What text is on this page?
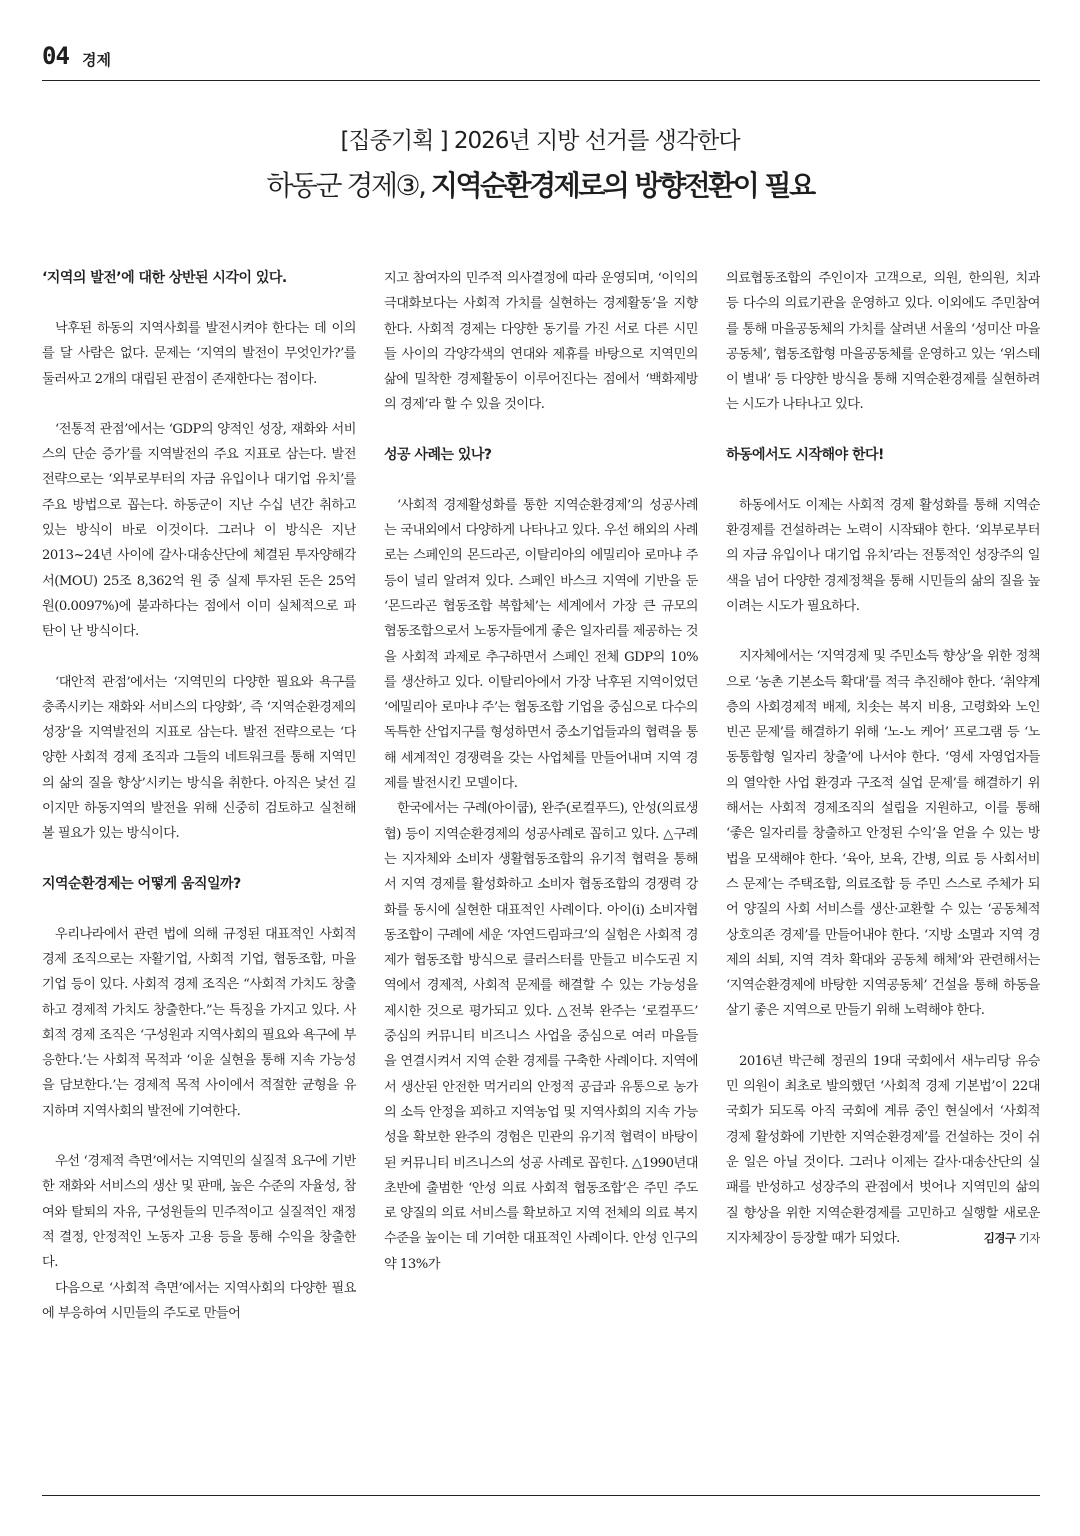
04 경제
[집중기획 ] 2026년 지방 선거를 생각한다
하동군 경제③, 지역순환경제로의 방향전환이 필요
‘지역의 발전’에 대한 상반된 시각이 있다.

낙후된 하동의 지역사회를 발전시켜야 한다는 데 이의를 달 사람은 없다. 문제는 ‘지역의 발전이 무엇인가?’를 둘러싸고 2개의 대립된 관점이 존재한다는 점이다.

‘전통적 관점’에서는 ‘GDP의 양적인 성장, 재화와 서비스의 단순 증가’를 지역발전의 주요 지표로 삼는다. 발전 전략으로는 ‘외부로부터의 자금 유입이나 대기업 유치’를 주요 방법으로 꼽는다. 하동군이 지난 수십 년간 취하고 있는 방식이 바로 이것이다. 그러나 이 방식은 지난 2013~24년 사이에 갈사·대송산단에 체결된 투자양해각서(MOU) 25조 8,362억 원 중 실제 투자된 돈은 25억 원(0.0097%)에 불과하다는 점에서 이미 실체적으로 파탄이 난 방식이다.

‘대안적 관점’에서는 ‘지역민의 다양한 필요와 욕구를 충족시키는 재화와 서비스의 다양화’, 즉 ‘지역순환경제의 성장’을 지역발전의 지표로 삼는다. 발전 전략으로는 ‘다양한 사회적 경제 조직과 그들의 네트워크를 통해 지역민의 삶의 질을 향상’시키는 방식을 취한다. 아직은 낯선 길이지만 하동지역의 발전을 위해 신중히 검토하고 실천해 볼 필요가 있는 방식이다.

지역순환경제는 어떻게 움직일까?

우리나라에서 관련 법에 의해 규정된 대표적인 사회적 경제 조직으로는 자활기업, 사회적 기업, 협동조합, 마을기업 등이 있다. 사회적 경제 조직은 “사회적 가치도 창출하고 경제적 가치도 창출한다.”는 특징을 가지고 있다. 사회적 경제 조직은 ‘구성원과 지역사회의 필요와 욕구에 부응한다.’는 사회적 목적과 ‘이윤 실현을 통해 지속 가능성을 담보한다.’는 경제적 목적 사이에서 적절한 균형을 유지하며 지역사회의 발전에 기여한다.

우선 ‘경제적 측면’에서는 지역민의 실질적 요구에 기반한 재화와 서비스의 생산 및 판매, 높은 수준의 자율성, 참여와 탈퇴의 자유, 구성원들의 민주적이고 실질적인 재정적 결정, 안정적인 노동자 고용 등을 통해 수익을 창출한다.

다음으로 ‘사회적 측면’에서는 지역사회의 다양한 필요에 부응하여 시민들의 주도로 만들어

지고 참여자의 민주적 의사결정에 따라 운영되며, ‘이익의 극대화보다는 사회적 가치를 실현하는 경제활동’을 지향한다. 사회적 경제는 다양한 동기를 가진 서로 다른 시민들 사이의 각양각색의 연대와 제휴를 바탕으로 지역민의 삶에 밀착한 경제활동이 이루어진다는 점에서 ‘백화제방의 경제’라 할 수 있을 것이다.

성공 사례는 있나?

‘사회적 경제활성화를 통한 지역순환경제’의 성공사례는 국내외에서 다양하게 나타나고 있다. 우선 해외의 사례로는 스페인의 몬드라곤, 이탈리아의 에밀리아 로마냐 주 등이 널리 알려져 있다. 스페인 바스크 지역에 기반을 둔 ‘몬드라곤 협동조합 복합체’는 세계에서 가장 큰 규모의 협동조합으로서 노동자들에게 좋은 일자리를 제공하는 것을 사회적 과제로 추구하면서 스페인 전체 GDP의 10%를 생산하고 있다. 이탈리아에서 가장 낙후된 지역이었던 ‘에밀리아 로마냐 주’는 협동조합 기업을 중심으로 다수의 독특한 산업지구를 형성하면서 중소기업들과의 협력을 통해 세계적인 경쟁력을 갖는 사업체를 만들어내며 지역 경제를 발전시킨 모델이다.

한국에서는 구례(아이쿱), 완주(로컬푸드), 안성(의료생협) 등이 지역순환경제의 성공사례로 꼽히고 있다. △구례는 지자체와 소비자 생활협동조합의 유기적 협력을 통해서 지역 경제를 활성화하고 소비자 협동조합의 경쟁력 강화를 동시에 실현한 대표적인 사례이다. 아이(i) 소비자협동조합이 구례에 세운 ‘자연드림파크’의 실험은 사회적 경제가 협동조합 방식으로 클러스터를 만들고 비수도권 지역에서 경제적, 사회적 문제를 해결할 수 있는 가능성을 제시한 것으로 평가되고 있다. △전북 완주는 ‘로컬푸드’ 중심의 커뮤니티 비즈니스 사업을 중심으로 여러 마을들을 연결시켜서 지역 순환 경제를 구축한 사례이다. 지역에서 생산된 안전한 먹거리의 안정적 공급과 유통으로 농가의 소득 안정을 꾀하고 지역농업 및 지역사회의 지속 가능성을 확보한 완주의 경험은 민관의 유기적 협력이 바탕이 된 커뮤니티 비즈니스의 성공 사례로 꼽힌다. △1990년대 초반에 출범한 ‘안성 의료 사회적 협동조합’은 주민 주도로 양질의 의료 서비스를 확보하고 지역 전체의 의료 복지 수준을 높이는 데 기여한 대표적인 사례이다. 안성 인구의 약 13%가

의료협동조합의 주인이자 고객으로, 의원, 한의원, 치과 등 다수의 의료기관을 운영하고 있다. 이외에도 주민참여를 통해 마을공동체의 가치를 살려낸 서울의 ‘성미산 마을공동체’, 협동조합형 마을공동체를 운영하고 있는 ‘위스테이 별내’ 등 다양한 방식을 통해 지역순환경제를 실현하려는 시도가 나타나고 있다.

하동에서도 시작해야 한다!

하동에서도 이제는 사회적 경제 활성화를 통해 지역순환경제를 건설하려는 노력이 시작돼야 한다. ‘외부로부터의 자금 유입이나 대기업 유치’라는 전통적인 성장주의 일색을 넘어 다양한 경제정책을 통해 시민들의 삶의 질을 높이려는 시도가 필요하다.

지자체에서는 ‘지역경제 및 주민소득 향상’을 위한 정책으로 ‘농촌 기본소득 확대’를 적극 추진해야 한다. ‘취약계층의 사회경제적 배제, 치솟는 복지 비용, 고령화와 노인 빈곤 문제’를 해결하기 위해 ‘노-노 케어’ 프로그램 등 ‘노동통합형 일자리 창출’에 나서야 한다. ‘영세 자영업자들의 열악한 사업 환경과 구조적 실업 문제’를 해결하기 위해서는 사회적 경제조직의 설립을 지원하고, 이를 통해 ‘좋은 일자리를 창출하고 안정된 수익’을 얻을 수 있는 방법을 모색해야 한다. ‘육아, 보육, 간병, 의료 등 사회서비스 문제’는 주택조합, 의료조합 등 주민 스스로 주체가 되어 양질의 사회 서비스를 생산·교환할 수 있는 ‘공동체적 상호의존 경제’를 만들어내야 한다. ‘지방 소멸과 지역 경제의 쇠퇴, 지역 격차 확대와 공동체 해체’와 관련해서는 ‘지역순환경제에 바탕한 지역공동체’ 건설을 통해 하동을 살기 좋은 지역으로 만들기 위해 노력해야 한다.

2016년 박근혜 정권의 19대 국회에서 새누리당 유승민 의원이 최초로 발의했던 ‘사회적 경제 기본법’이 22대 국회가 되도록 아직 국회에 계류 중인 현실에서 ‘사회적 경제 활성화에 기반한 지역순환경제’를 건설하는 것이 쉬운 일은 아닐 것이다. 그러나 이제는 갈사·대송산단의 실패를 반성하고 성장주의 관점에서 벗어나 지역민의 삶의 질 향상을 위한 지역순환경제를 고민하고 실행할 새로운 지자체장이 등장할 때가 되었다.	김경구 기자
